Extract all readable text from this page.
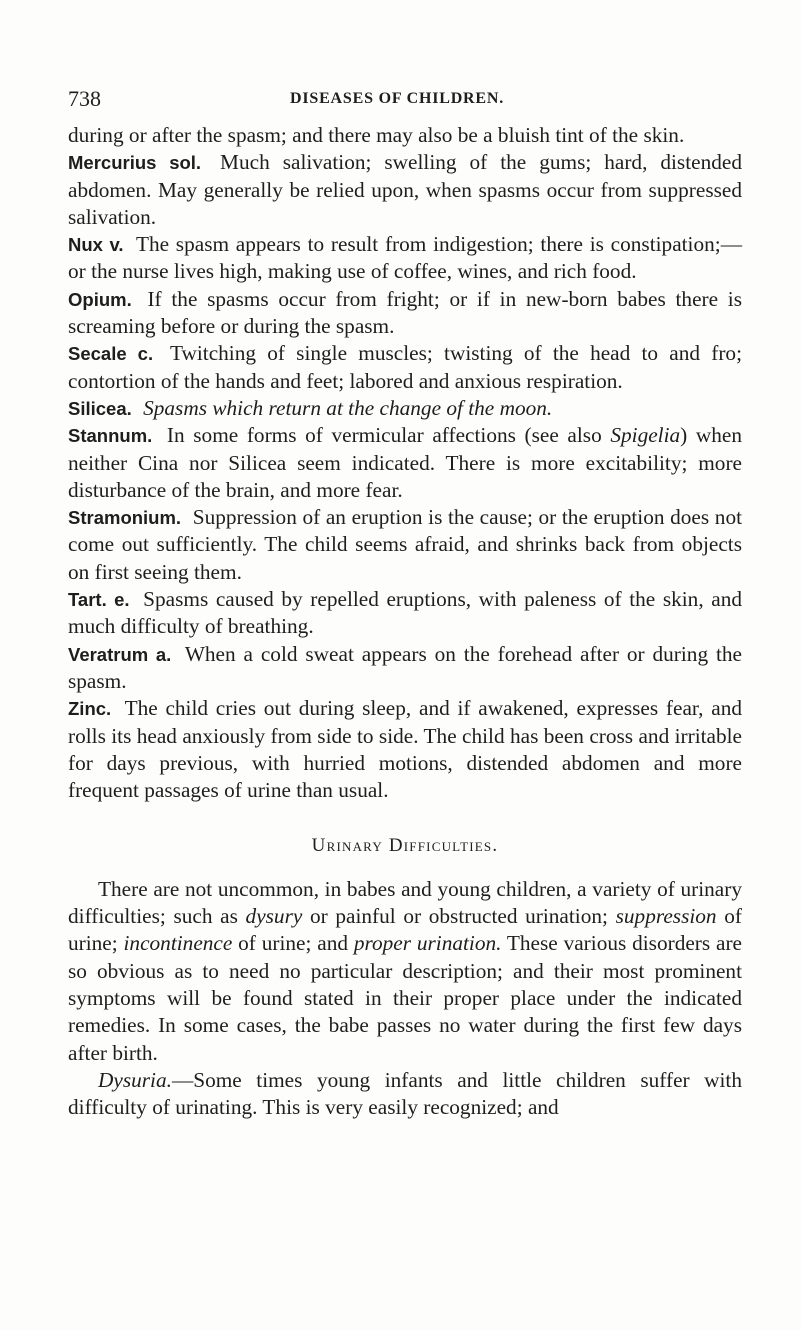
738	DISEASES OF CHILDREN.

during or after the spasm; and there may also be a bluish tint of the skin.

Mercurius sol. Much salivation; swelling of the gums; hard, distended abdomen. May generally be relied upon, when spasms occur from suppressed salivation.

Nux v. The spasm appears to result from indigestion; there is constipation;—or the nurse lives high, making use of coffee, wines, and rich food.

Opium. If the spasms occur from fright; or if in new-born babes there is screaming before or during the spasm.

Secale c. Twitching of single muscles; twisting of the head to and fro; contortion of the hands and feet; labored and anxious respiration.

Silicea. Spasms which return at the change of the moon.

Stannum. In some forms of vermicular affections (see also Spigelia) when neither Cina nor Silicea seem indicated. There is more excitability; more disturbance of the brain, and more fear.

Stramonium. Suppression of an eruption is the cause; or the eruption does not come out sufficiently. The child seems afraid, and shrinks back from objects on first seeing them.

Tart. e. Spasms caused by repelled eruptions, with paleness of the skin, and much difficulty of breathing.

Veratrum a. When a cold sweat appears on the forehead after or during the spasm.

Zinc. The child cries out during sleep, and if awakened, expresses fear, and rolls its head anxiously from side to side. The child has been cross and irritable for days previous, with hurried motions, distended abdomen and more frequent passages of urine than usual.

Urinary Difficulties.

There are not uncommon, in babes and young children, a variety of urinary difficulties; such as dysury or painful or obstructed urination; suppression of urine; incontinence of urine; and proper urination. These various disorders are so obvious as to need no particular description; and their most prominent symptoms will be found stated in their proper place under the indicated remedies. In some cases, the babe passes no water during the first few days after birth.

Dysuria.—Some times young infants and little children suffer with difficulty of urinating. This is very easily recognized; and
